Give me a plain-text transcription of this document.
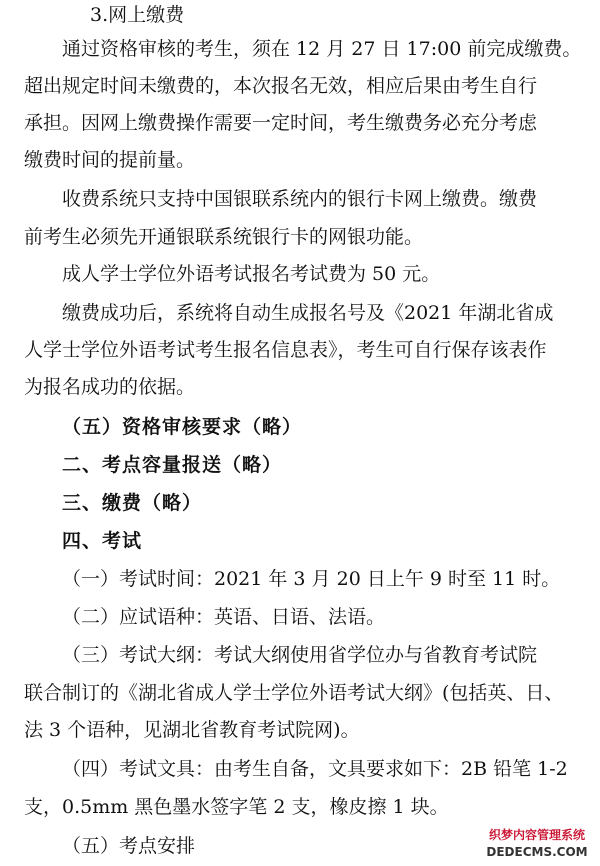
3.网上缴费
通过资格审核的考生，须在 12 月 27 日 17:00 前完成缴费。
超出规定时间未缴费的，本次报名无效，相应后果由考生自行
承担。因网上缴费操作需要一定时间，考生缴费务必充分考虑
缴费时间的提前量。
收费系统只支持中国银联系统内的银行卡网上缴费。缴费
前考生必须先开通银联系统银行卡的网银功能。
成人学士学位外语考试报名考试费为 50 元。
缴费成功后，系统将自动生成报名号及《2021 年湖北省成
人学士学位外语考试考生报名信息表》，考生可自行保存该表作
为报名成功的依据。
（五）资格审核要求（略）
二、考点容量报送（略）
三、缴费（略）
四、考试
（一）考试时间：2021 年 3 月 20 日上午 9 时至 11 时。
（二）应试语种：英语、日语、法语。
（三）考试大纲：考试大纲使用省学位办与省教育考试院
联合制订的《湖北省成人学士学位外语考试大纲》(包括英、日、
法 3 个语种，见湖北省教育考试院网)。
（四）考试文具：由考生自备，文具要求如下：2B 铅笔 1-2
支，0.5mm 黑色墨水签字笔 2 支，橡皮擦 1 块。
（五）考点安排	织梦内容管理系统
DEDECMS.COM
